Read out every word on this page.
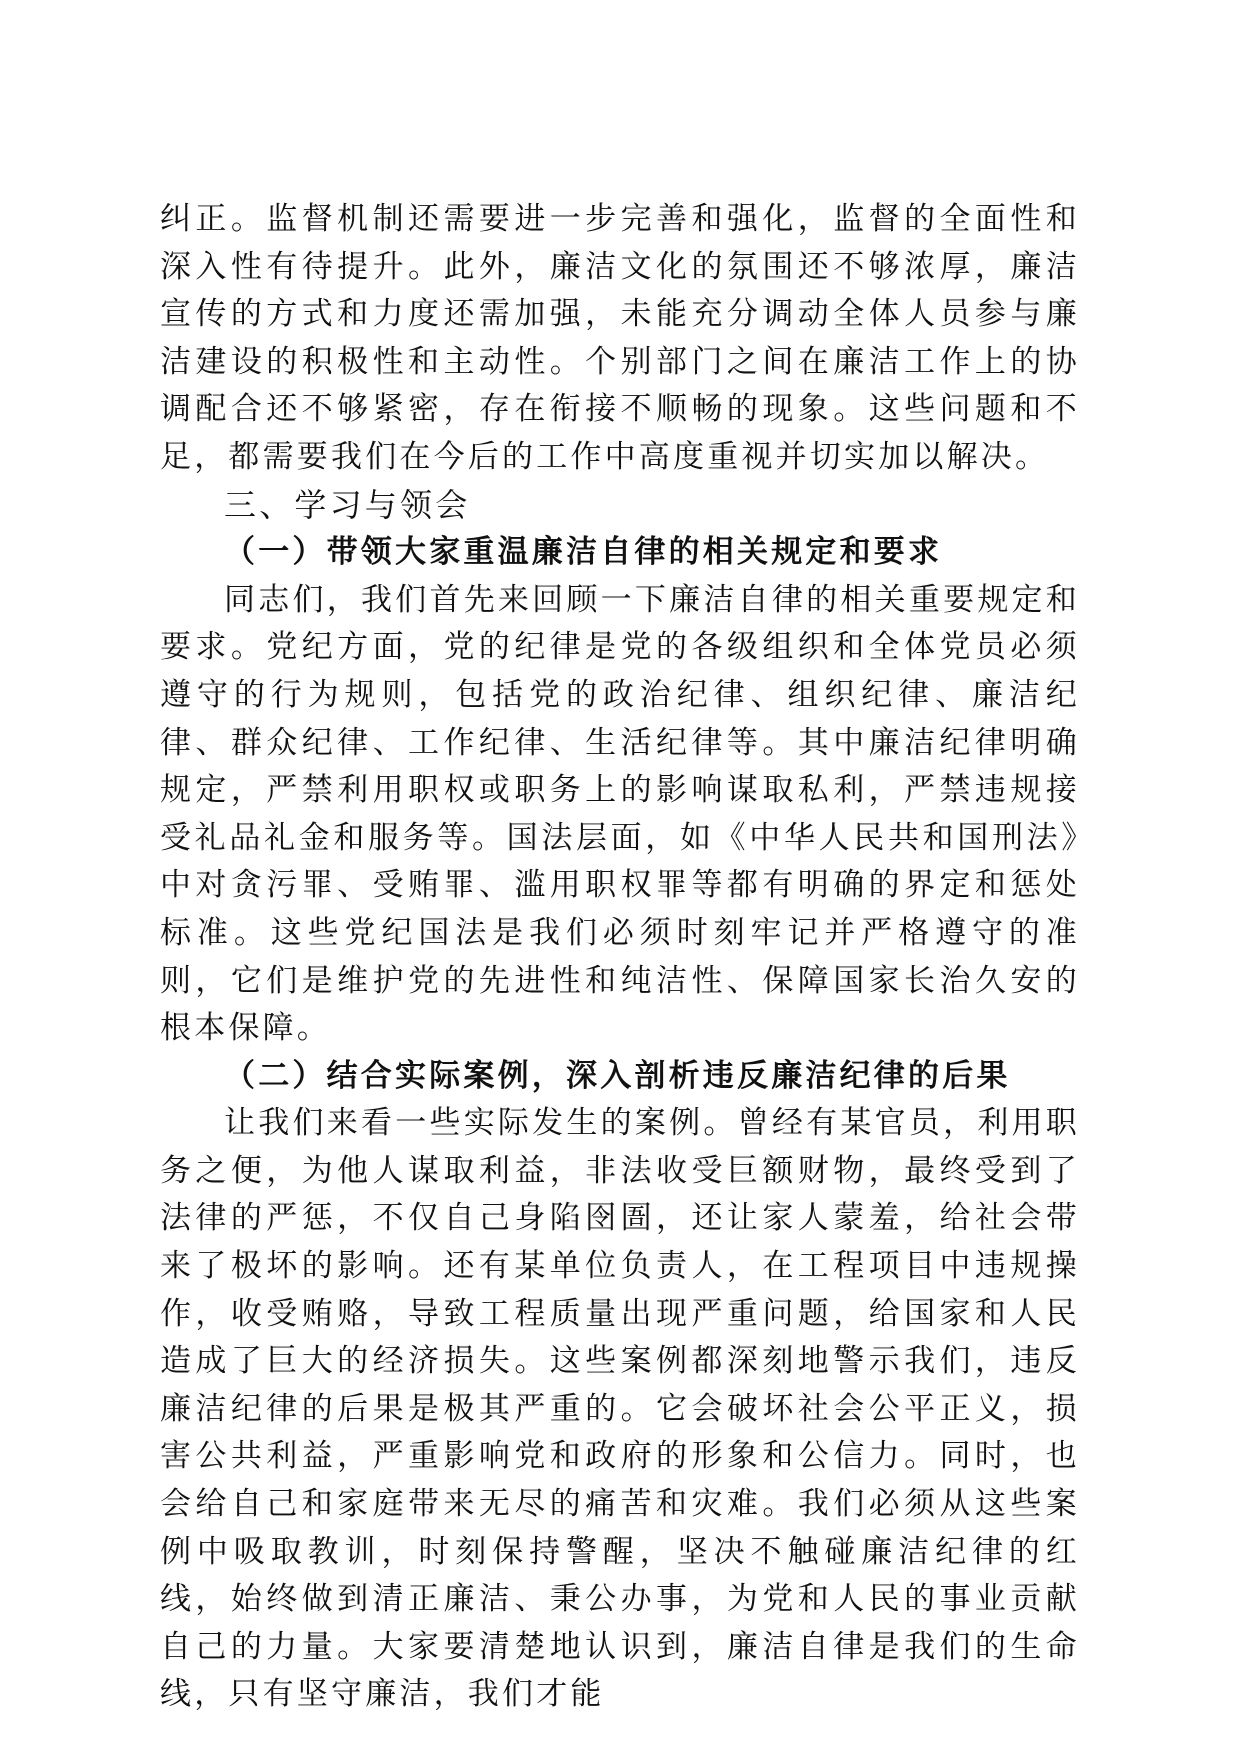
纠正。监督机制还需要进一步完善和强化，监督的全面性和深入性有待提升。此外，廉洁文化的氛围还不够浓厚，廉洁宣传的方式和力度还需加强，未能充分调动全体人员参与廉洁建设的积极性和主动性。个别部门之间在廉洁工作上的协调配合还不够紧密，存在衔接不顺畅的现象。这些问题和不足，都需要我们在今后的工作中高度重视并切实加以解决。

三、学习与领会

（一）带领大家重温廉洁自律的相关规定和要求

同志们，我们首先来回顾一下廉洁自律的相关重要规定和要求。党纪方面，党的纪律是党的各级组织和全体党员必须遵守的行为规则，包括党的政治纪律、组织纪律、廉洁纪律、群众纪律、工作纪律、生活纪律等。其中廉洁纪律明确规定，严禁利用职权或职务上的影响谋取私利，严禁违规接受礼品礼金和服务等。国法层面，如《中华人民共和国刑法》中对贪污罪、受贿罪、滥用职权罪等都有明确的界定和惩处标准。这些党纪国法是我们必须时刻牢记并严格遵守的准则，它们是维护党的先进性和纯洁性、保障国家长治久安的根本保障。

（二）结合实际案例，深入剖析违反廉洁纪律的后果

让我们来看一些实际发生的案例。曾经有某官员，利用职务之便，为他人谋取利益，非法收受巨额财物，最终受到了法律的严惩，不仅自己身陷囹圄，还让家人蒙羞，给社会带来了极坏的影响。还有某单位负责人，在工程项目中违规操作，收受贿赂，导致工程质量出现严重问题，给国家和人民造成了巨大的经济损失。这些案例都深刻地警示我们，违反廉洁纪律的后果是极其严重的。它会破坏社会公平正义，损害公共利益，严重影响党和政府的形象和公信力。同时，也会给自己和家庭带来无尽的痛苦和灾难。我们必须从这些案例中吸取教训，时刻保持警醒，坚决不触碰廉洁纪律的红线，始终做到清正廉洁、秉公办事，为党和人民的事业贡献自己的力量。大家要清楚地认识到，廉洁自律是我们的生命线，只有坚守廉洁，我们才能
